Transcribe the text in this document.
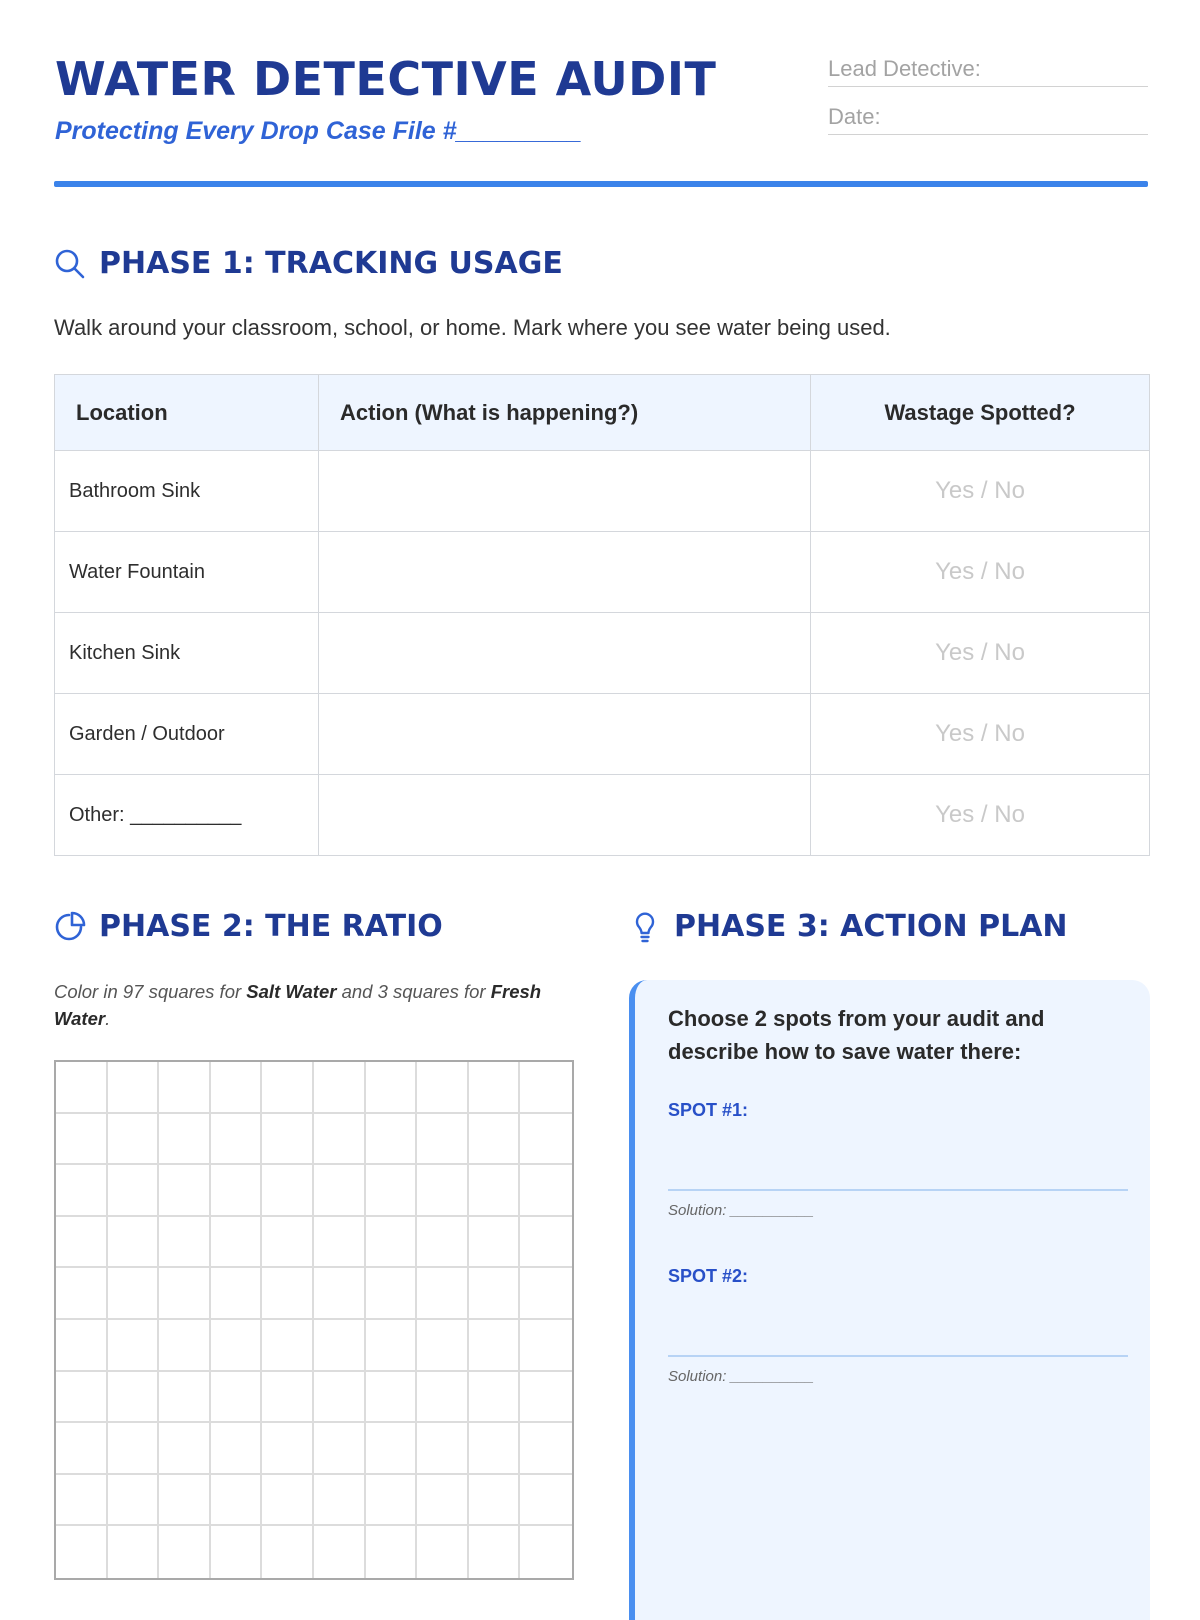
WATER DETECTIVE AUDIT
Protecting Every Drop Case File #_________
Lead Detective:
Date:
PHASE 1: TRACKING USAGE
Walk around your classroom, school, or home. Mark where you see water being used.
Location	Action (What is happening?)	Wastage Spotted?
Bathroom Sink		Yes / No
Water Fountain		Yes / No
Kitchen Sink		Yes / No
Garden / Outdoor		Yes / No
Other: __________		Yes / No
PHASE 2: THE RATIO
Color in 97 squares for Salt Water and 3 squares for Fresh Water.
PHASE 3: ACTION PLAN
Choose 2 spots from your audit and describe how to save water there:
SPOT #1:
Solution: __________
SPOT #2:
Solution: __________
